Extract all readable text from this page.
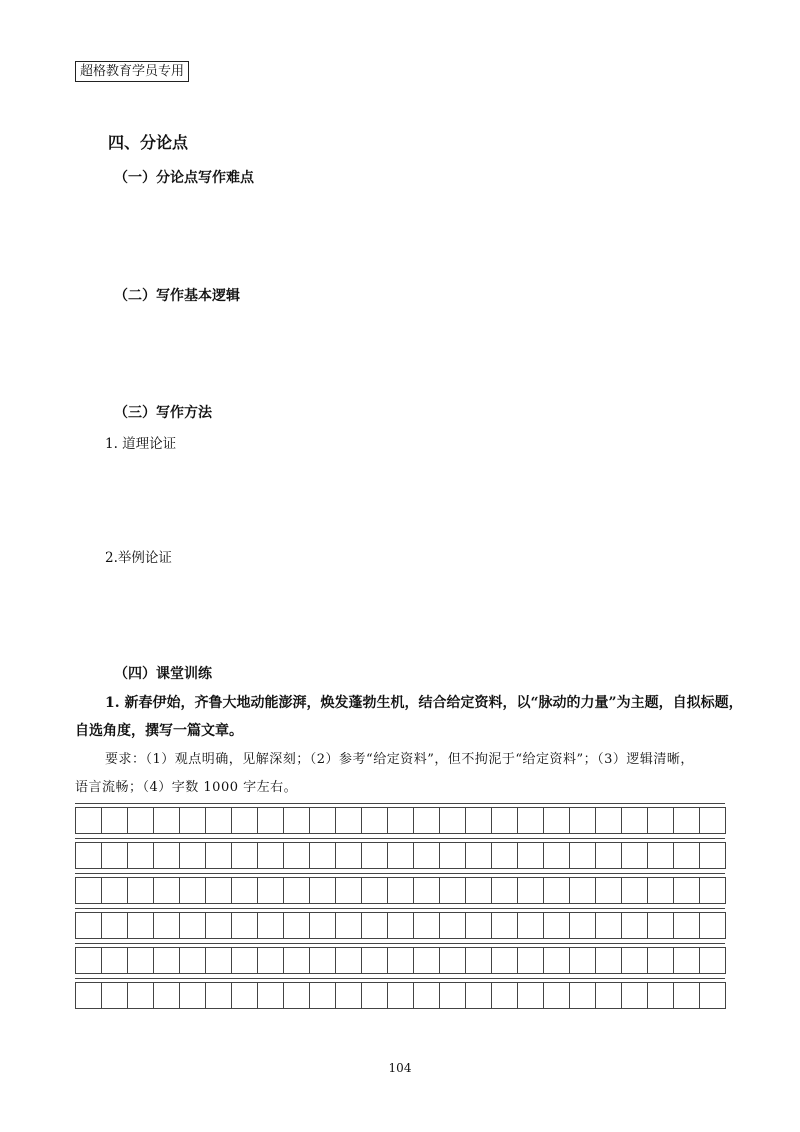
超格教育学员专用
四、分论点
（一）分论点写作难点
（二）写作基本逻辑
（三）写作方法
1. 道理论证
2.举例论证
（四）课堂训练
1. 新春伊始，齐鲁大地动能澎湃，焕发蓬勃生机，结合给定资料，以“脉动的力量”为主题，自拟标题，
自选角度，撰写一篇文章。
要求：（1）观点明确，见解深刻；（2）参考“给定资料”，但不拘泥于“给定资料”；（3）逻辑清晰，
语言流畅；（4）字数 1000 字左右。
104
